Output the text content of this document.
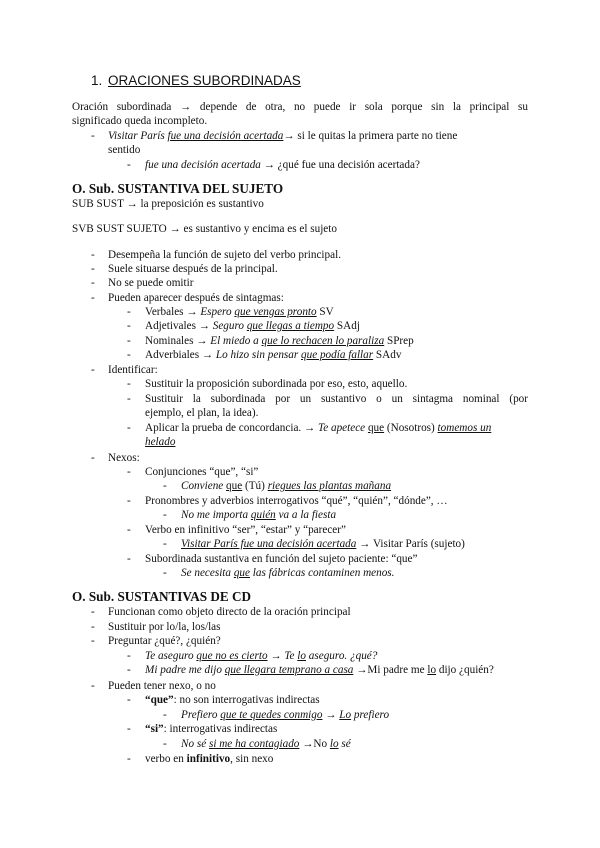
1. ORACIONES SUBORDINADAS
Oración subordinada → depende de otra, no puede ir sola porque sin la principal su
significado queda incompleto.
- Visitar París fue una decisión acertada→ si le quitas la primera parte no tiene
sentido
- fue una decisión acertada → ¿qué fue una decisión acertada?
O. Sub. SUSTANTIVA DEL SUJETO
SUB SUST → la preposición es sustantivo
SVB SUST SUJETO → es sustantivo y encima es el sujeto
- Desempeña la función de sujeto del verbo principal.
- Suele situarse después de la principal.
- No se puede omitir
- Pueden aparecer después de sintagmas:
- Verbales → Espero que vengas pronto SV
- Adjetivales → Seguro que llegas a tiempo SAdj
- Nominales → El miedo a que lo rechacen lo paraliza SPrep
- Adverbiales → Lo hizo sin pensar que podía fallar SAdv
- Identificar:
- Sustituir la proposición subordinada por eso, esto, aquello.
- Sustituir la subordinada por un sustantivo o un sintagma nominal (por
ejemplo, el plan, la idea).
- Aplicar la prueba de concordancia. → Te apetece que (Nosotros) tomemos un
helado
- Nexos:
- Conjunciones “que”, “si”
- Conviene que (Tú) riegues las plantas mañana
- Pronombres y adverbios interrogativos “qué”, “quién”, “dónde”, …
- No me importa quién va a la fiesta
- Verbo en infinitivo “ser”, “estar” y “parecer”
- Visitar París fue una decisión acertada → Visitar París (sujeto)
- Subordinada sustantiva en función del sujeto paciente: “que”
- Se necesita que las fábricas contaminen menos.
O. Sub. SUSTANTIVAS DE CD
- Funcionan como objeto directo de la oración principal
- Sustituir por lo/la, los/las
- Preguntar ¿qué?, ¿quién?
- Te aseguro que no es cierto → Te lo aseguro. ¿qué?
- Mi padre me dijo que llegara temprano a casa →Mi padre me lo dijo ¿quién?
- Pueden tener nexo, o no
- “que”: no son interrogativas indirectas
- Prefiero que te quedes conmigo → Lo prefiero
- “si”: interrogativas indirectas
- No sé si me ha contagiado →No lo sé
- verbo en infinitivo, sin nexo
